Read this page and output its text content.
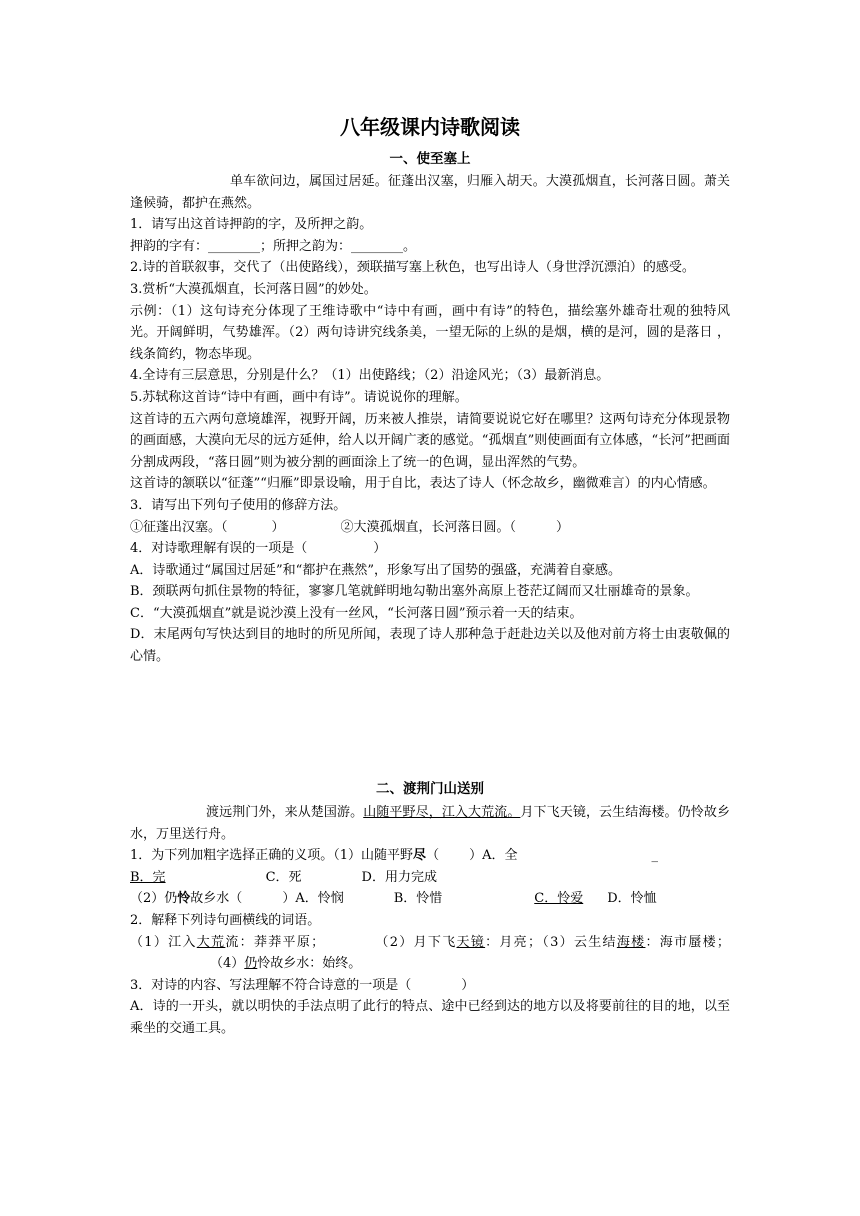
八年级课内诗歌阅读
一、使至塞上

单车欲问边，属国过居延。征蓬出汉塞，归雁入胡天。大漠孤烟直，长河落日圆。萧关逢候骑，都护在燕然。

1．请写出这首诗押韵的字，及所押之韵。

押韵的字有：________；所押之韵为：________。

2.诗的首联叙事，交代了（出使路线），颈联描写塞上秋色，也写出诗人（身世浮沉漂泊）的感受。

3.赏析“大漠孤烟直，长河落日圆”的妙处。

示例：（1）这句诗充分体现了王维诗歌中“诗中有画，画中有诗”的特色，描绘塞外雄奇壮观的独特风光。开阔鲜明，气势雄浑。（2）两句诗讲究线条美，一望无际的上纵的是烟，横的是河，圆的是落日 ，线条简约，物态毕现。

4.全诗有三层意思，分别是什么？（1）出使路线；（2）沿途风光；（3）最新消息。

5.苏轼称这首诗“诗中有画，画中有诗”。请说说你的理解。

这首诗的五六两句意境雄浑，视野开阔，历来被人推崇，请简要说说它好在哪里？这两句诗充分体现景物的画面感，大漠向无尽的远方延伸，给人以开阔广袤的感觉。“孤烟直”则使画面有立体感，“长河”把画面分割成两段，“落日圆”则为被分割的画面涂上了统一的色调，显出浑然的气势。

这首诗的颔联以“征蓬”“归雁”即景设喻，用于自比，表达了诗人（怀念故乡，幽微难言）的内心情感。

3．请写出下列句子使用的修辞方法。

①征蓬出汉塞。（	）	②大漠孤烟直，长河落日圆。（	）

4．对诗歌理解有误的一项是（	）

A．诗歌通过“属国过居延”和“都护在燕然”，形象写出了国势的强盛，充满着自豪感。

B．颈联两句抓住景物的特征，寥寥几笔就鲜明地勾勒出塞外高原上苍茫辽阔而又壮丽雄奇的景象。

C．“大漠孤烟直”就是说沙漠上没有一丝风，“长河落日圆”预示着一天的结束。

D．末尾两句写快达到目的地时的所见所闻，表现了诗人那种急于赶赴边关以及他对前方将士由衷敬佩的心情。

二、渡荆门山送别

渡远荆门外，来从楚国游。山随平野尽，江入大荒流。月下飞天镜，云生结海楼。仍怜故乡水，万里送行舟。

1．为下列加粗字选择正确的义项。（1）山随平野尽（ ）A．全	_

B．完	C．死	D．用力完成

（2）仍怜故乡水（	）A．怜悯	B．怜惜	C．怜爱 D．怜恤

2．解释下列诗句画横线的词语。

（1）江入大荒流：莽莽平原；	（2）月下飞天镜：月亮；（3）云生结海楼：海市蜃楼；（4）仍怜故乡水：始终。

3．对诗的内容、写法理解不符合诗意的一项是（	）

A．诗的一开头，就以明快的手法点明了此行的特点、途中已经到达的地方以及将要前往的目的地，以至乘坐的交通工具。
